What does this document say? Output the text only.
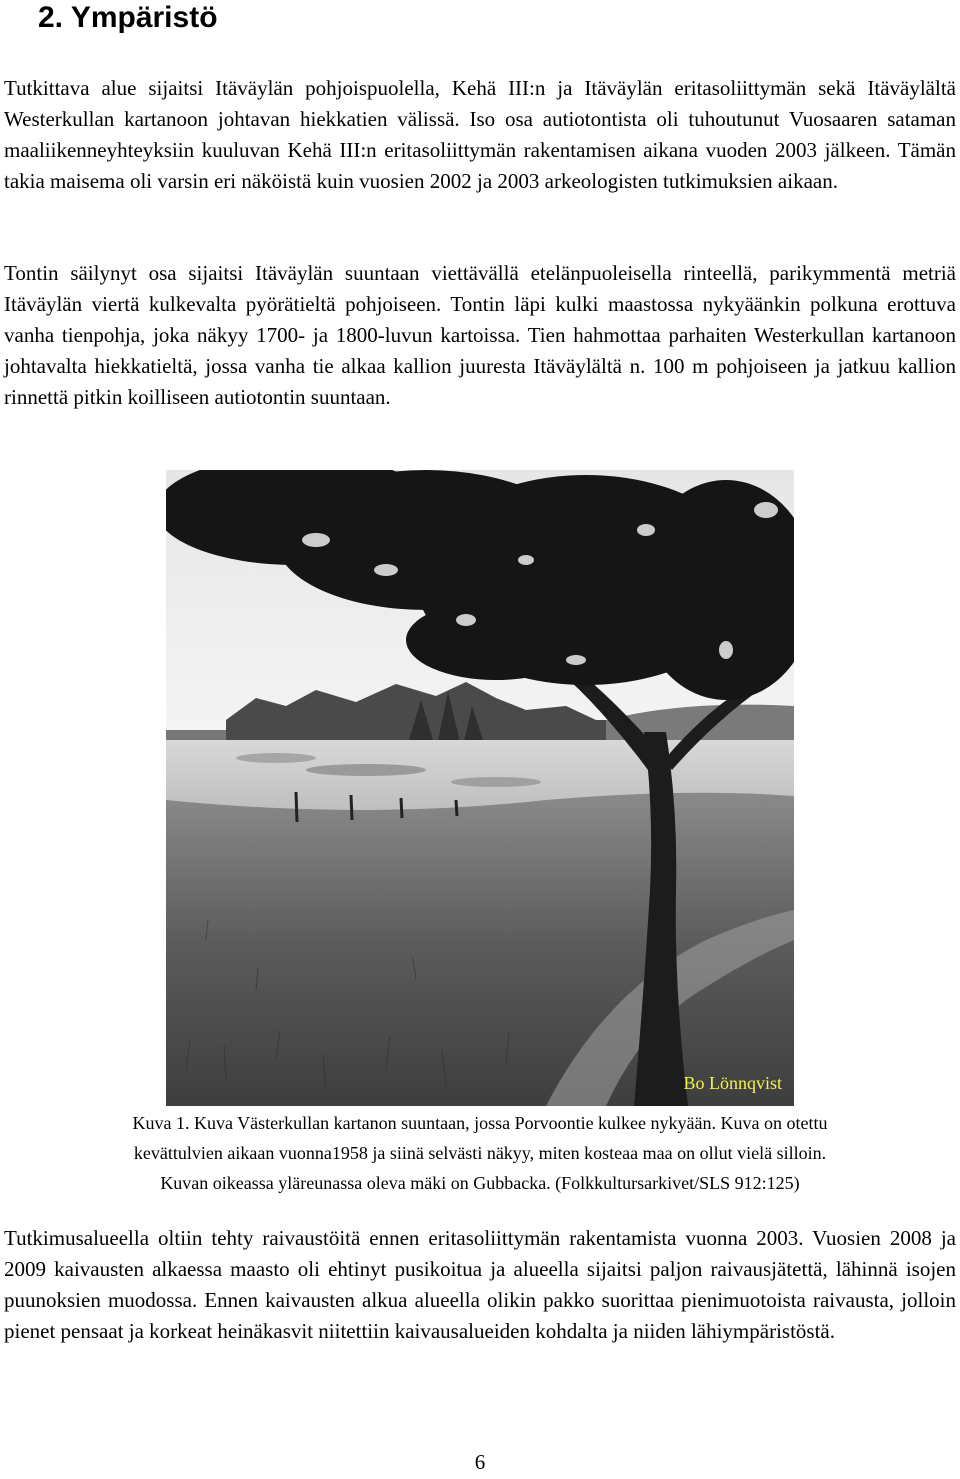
2. Ympäristö

Tutkittava alue sijaitsi Itäväylän pohjoispuolella, Kehä III:n ja Itäväylän eritasoliittymän sekä Itäväylältä Westerkullan kartanoon johtavan hiekkatien välissä. Iso osa autiotontista oli tuhoutunut Vuosaaren sataman maaliikenneyhteyksiin kuuluvan Kehä III:n eritasoliittymän rakentamisen aikana vuoden 2003 jälkeen. Tämän takia maisema oli varsin eri näköistä kuin vuosien 2002 ja 2003 arkeologisten tutkimuksien aikaan.

Tontin säilynyt osa sijaitsi Itäväylän suuntaan viettävällä etelänpuoleisella rinteellä, parikymmentä metriä Itäväylän viertä kulkevalta pyörätieltä pohjoiseen. Tontin läpi kulki maastossa nykyäänkin polkuna erottuva vanha tienpohja, joka näkyy 1700- ja 1800-luvun kartoissa. Tien hahmottaa parhaiten Westerkullan kartanoon johtavalta hiekkatieltä, jossa vanha tie alkaa kallion juuresta Itäväylältä n. 100 m pohjoiseen ja jatkuu kallion rinnettä pitkin koilliseen autiotontin suuntaan.

Bo Lönnqvist
Kuva 1. Kuva Västerkullan kartanon suuntaan, jossa Porvoontie kulkee nykyään. Kuva on otettu
kevättulvien aikaan vuonna1958 ja siinä selvästi näkyy, miten kosteaa maa on ollut vielä silloin.
Kuvan oikeassa yläreunassa oleva mäki on Gubbacka. (Folkkultursarkivet/SLS 912:125)

Tutkimusalueella oltiin tehty raivaustöitä ennen eritasoliittymän rakentamista vuonna 2003. Vuosien 2008 ja 2009 kaivausten alkaessa maasto oli ehtinyt pusikoitua ja alueella sijaitsi paljon raivausjätettä, lähinnä isojen puunoksien muodossa. Ennen kaivausten alkua alueella olikin pakko suorittaa pienimuotoista raivausta, jolloin pienet pensaat ja korkeat heinäkasvit niitettiin kaivausalueiden kohdalta ja niiden lähiympäristöstä.

6
